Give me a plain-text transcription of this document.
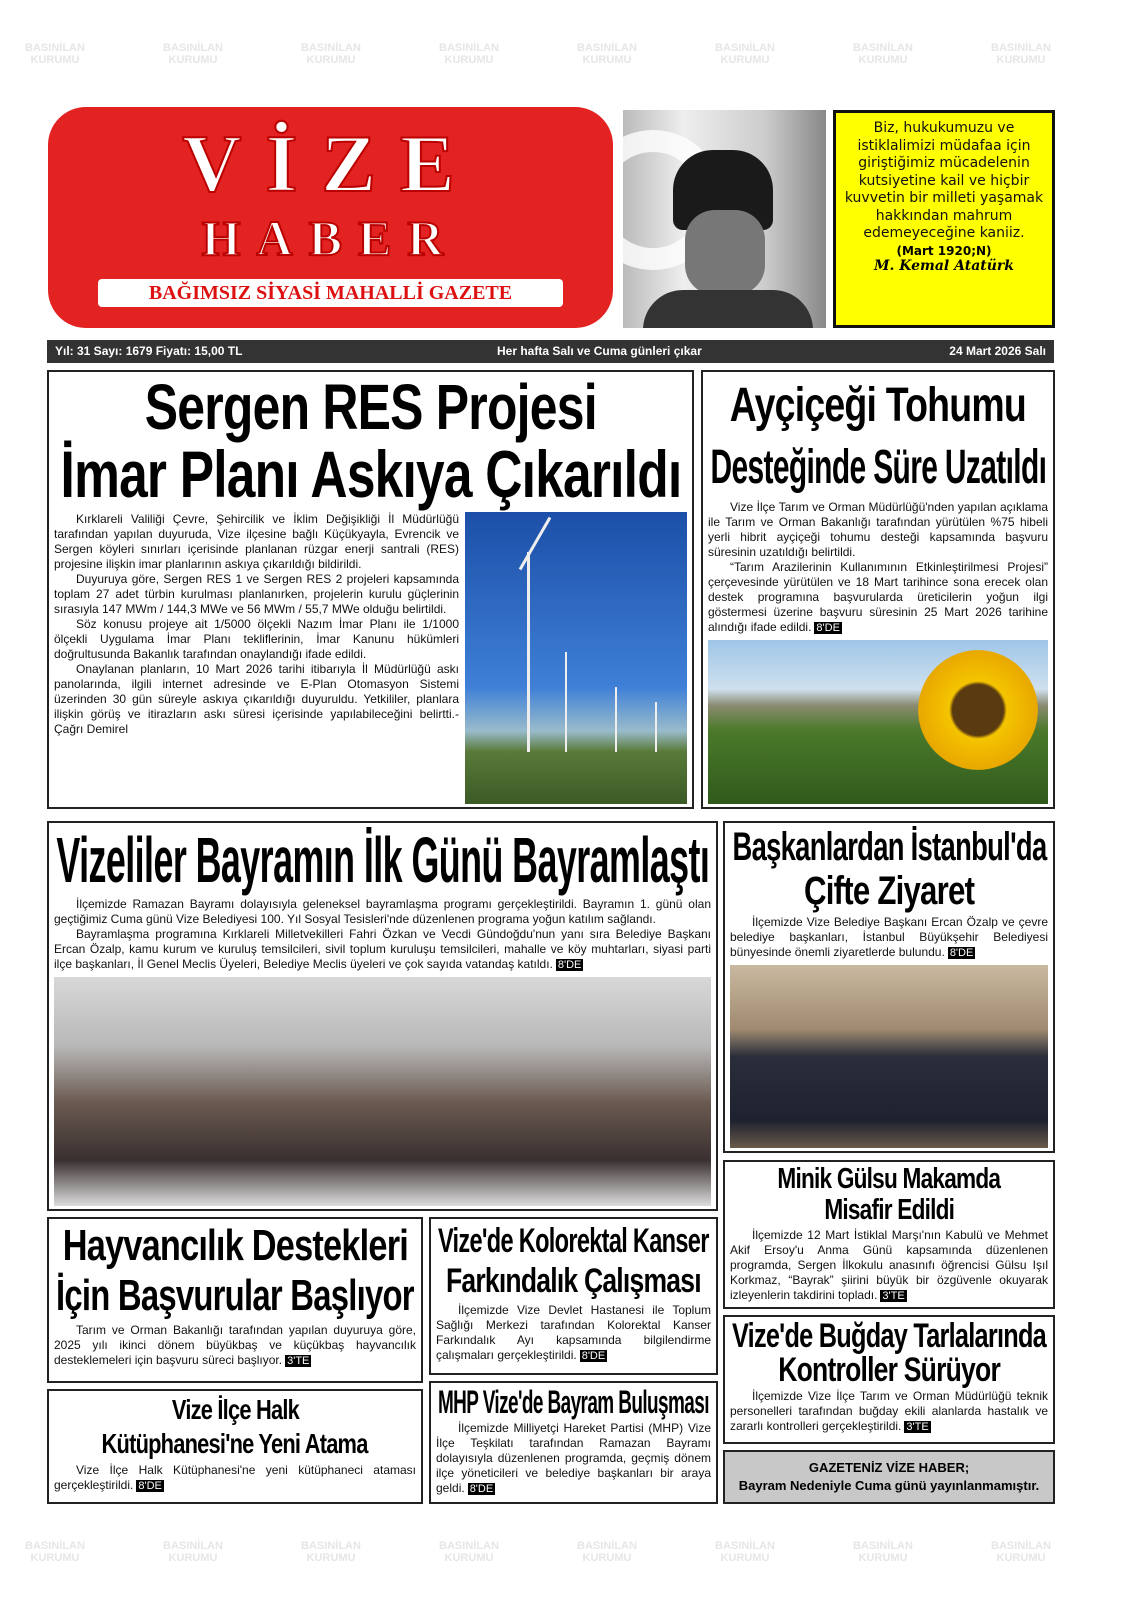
VİZE
HABER
BAĞIMSIZ SİYASİ MAHALLİ GAZETE
Biz, hukukumuzu ve istiklalimizi müdafaa için giriştiğimiz mücadelenin kutsiyetine kail ve hiçbir kuvvetin bir milleti yaşamak hakkından mahrum edemeyeceğine kaniiz.
(Mart 1920;N)
M. Kemal Atatürk
Yıl: 31 Sayı: 1679 Fiyatı: 15,00 TL	Her hafta Salı ve Cuma günleri çıkar	24 Mart 2026 Salı
Sergen RES Projesi
İmar Planı Askıya Çıkarıldı

Kırklareli Valiliği Çevre, Şehircilik ve İklim Değişikliği İl Müdürlüğü tarafından yapılan duyuruda, Vize ilçesine bağlı Küçükyayla, Evrencik ve Sergen köyleri sınırları içerisinde planlanan rüzgar enerji santrali (RES) projesine ilişkin imar planlarının askıya çıkarıldığı bildirildi.

Duyuruya göre, Sergen RES 1 ve Sergen RES 2 projeleri kapsamında toplam 27 adet türbin kurulması planlanırken, projelerin kurulu güçlerinin sırasıyla 147 MWm / 144,3 MWe ve 56 MWm / 55,7 MWe olduğu belirtildi.

Söz konusu projeye ait 1/5000 ölçekli Nazım İmar Planı ile 1/1000 ölçekli Uygulama İmar Planı tekliflerinin, İmar Kanunu hükümleri doğrultusunda Bakanlık tarafından onaylandığı ifade edildi.

Onaylanan planların, 10 Mart 2026 tarihi itibarıyla İl Müdürlüğü askı panolarında, ilgili internet adresinde ve E-Plan Otomasyon Sistemi üzerinden 30 gün süreyle askıya çıkarıldığı duyuruldu. Yetkililer, planlara ilişkin görüş ve itirazların askı süresi içerisinde yapılabileceğini belirtti.- Çağrı Demirel

Ayçiçeği Tohumu
Desteğinde Süre Uzatıldı

Vize İlçe Tarım ve Orman Müdürlüğü'nden yapılan açıklama ile Tarım ve Orman Bakanlığı tarafından yürütülen %75 hibeli yerli hibrit ayçiçeği tohumu desteği kapsamında başvuru süresinin uzatıldığı belirtildi.

“Tarım Arazilerinin Kullanımının Etkinleştirilmesi Projesi” çerçevesinde yürütülen ve 18 Mart tarihince sona erecek olan destek programına başvurularda üreticilerin yoğun ilgi göstermesi üzerine başvuru süresinin 25 Mart 2026 tarihine alındığı ifade edildi. 8'DE

Vizeliler Bayramın İlk Günü Bayramlaştı

İlçemizde Ramazan Bayramı dolayısıyla geleneksel bayramlaşma programı gerçekleştirildi. Bayramın 1. günü olan geçtiğimiz Cuma günü Vize Belediyesi 100. Yıl Sosyal Tesisleri'nde düzenlenen programa yoğun katılım sağlandı.

Bayramlaşma programına Kırklareli Milletvekilleri Fahri Özkan ve Vecdi Gündoğdu'nun yanı sıra Belediye Başkanı Ercan Özalp, kamu kurum ve kuruluş temsilcileri, sivil toplum kuruluşu temsilcileri, mahalle ve köy muhtarları, siyasi parti ilçe başkanları, İl Genel Meclis Üyeleri, Belediye Meclis üyeleri ve çok sayıda vatandaş katıldı. 8'DE

Başkanlardan İstanbul'da
Çifte Ziyaret

İlçemizde Vize Belediye Başkanı Ercan Özalp ve çevre belediye başkanları, İstanbul Büyükşehir Belediyesi bünyesinde önemli ziyaretlerde bulundu. 8'DE

Minik Gülsu Makamda
Misafir Edildi

İlçemizde 12 Mart İstiklal Marşı'nın Kabulü ve Mehmet Akif Ersoy'u Anma Günü kapsamında düzenlenen programda, Sergen İlkokulu anasınıfı öğrencisi Gülsu Işıl Korkmaz, “Bayrak” şiirini büyük bir özgüvenle okuyarak izleyenlerin takdirini topladı. 3'TE

Vize'de Buğday Tarlalarında
Kontroller Sürüyor

İlçemizde Vize İlçe Tarım ve Orman Müdürlüğü teknik personelleri tarafından buğday ekili alanlarda hastalık ve zararlı kontrolleri gerçekleştirildi. 3'TE

GAZETENİZ VİZE HABER;
Bayram Nedeniyle Cuma günü yayınlanmamıştır.
Hayvancılık Destekleri
İçin Başvurular Başlıyor

Tarım ve Orman Bakanlığı tarafından yapılan duyuruya göre, 2025 yılı ikinci dönem büyükbaş ve küçükbaş hayvancılık desteklemeleri için başvuru süreci başlıyor. 3'TE

Vize'de Kolorektal Kanser
Farkındalık Çalışması

İlçemizde Vize Devlet Hastanesi ile Toplum Sağlığı Merkezi tarafından Kolorektal Kanser Farkındalık Ayı kapsamında bilgilendirme çalışmaları gerçekleştirildi. 8'DE

Vize İlçe Halk
Kütüphanesi'ne Yeni Atama

Vize İlçe Halk Kütüphanesi'ne yeni kütüphaneci ataması gerçekleştirildi. 8'DE

MHP Vize'de Bayram Buluşması

İlçemizde Milliyetçi Hareket Partisi (MHP) Vize İlçe Teşkilatı tarafından Ramazan Bayramı dolayısıyla düzenlenen programda, geçmiş dönem ilçe yöneticileri ve belediye başkanları bir araya geldi. 8'DE

BASINİLAN KURUMU
BASINİLAN KURUMU
BASINİLAN KURUMU
BASINİLAN KURUMU
BASINİLAN KURUMU
BASINİLAN KURUMU
BASINİLAN KURUMU
BASINİLAN KURUMU
BASINİLAN KURUMU
BASINİLAN KURUMU
BASINİLAN KURUMU
BASINİLAN KURUMU
BASINİLAN KURUMU
BASINİLAN KURUMU
BASINİLAN KURUMU
BASINİLAN KURUMU
